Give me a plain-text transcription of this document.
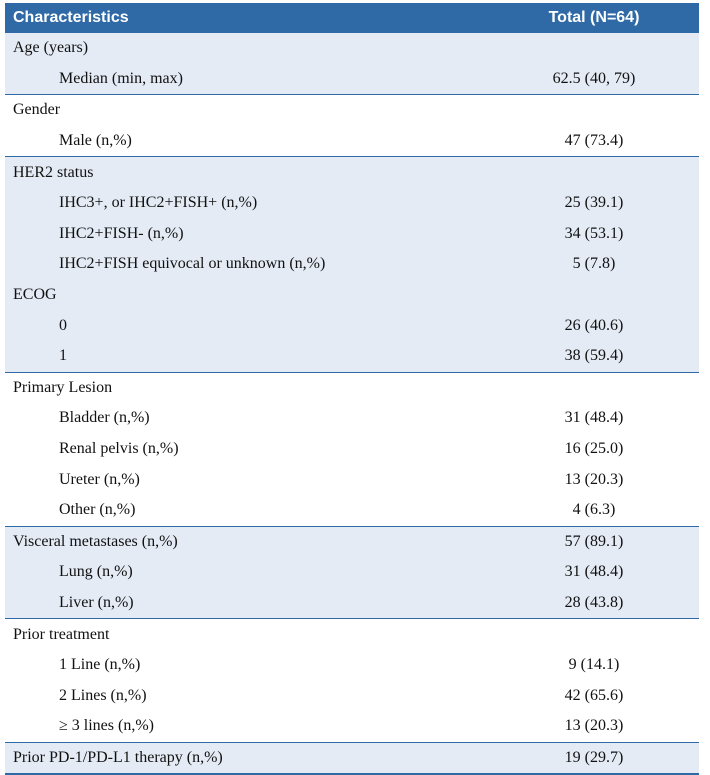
Characteristics	Total (N=64)
Age (years)
Median (min, max)	62.5 (40, 79)
Gender
Male (n,%)	47 (73.4)
HER2 status
IHC3+, or IHC2+FISH+ (n,%)	25 (39.1)
IHC2+FISH- (n,%)	34 (53.1)
IHC2+FISH equivocal or unknown (n,%)	5 (7.8)
ECOG
0	26 (40.6)
1	38 (59.4)
Primary Lesion
Bladder (n,%)	31 (48.4)
Renal pelvis (n,%)	16 (25.0)
Ureter (n,%)	13 (20.3)
Other (n,%)	4 (6.3)
Visceral metastases (n,%)	57 (89.1)
Lung (n,%)	31 (48.4)
Liver (n,%)	28 (43.8)
Prior treatment
1 Line (n,%)	9 (14.1)
2 Lines (n,%)	42 (65.6)
≥ 3 lines (n,%)	13 (20.3)
Prior PD-1/PD-L1 therapy (n,%)	19 (29.7)
